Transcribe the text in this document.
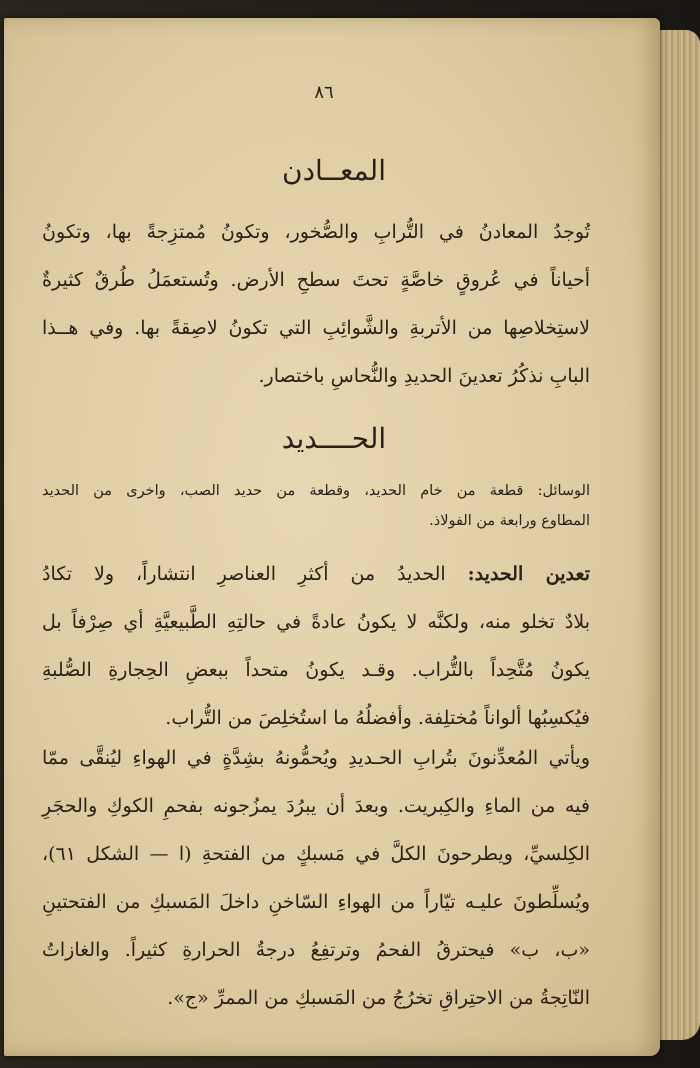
٨٦
المعــادن
تُوجدُ المعادنُ في التُّرابِ والصُّخور، وتكونُ مُمتزِجةً بها، وتكونُ
أحياناً في عُروقٍ خاصَّةٍ تحتَ سطحِ الأرض. وتُستعمَلُ طُرقٌ كثيرةٌ
لاستِخلاصِها من الأتربةِ والشَّوائِبِ التي تكونُ لاصِقةً بها. وفي هــذا
البابِ نذكُرُ تعدينَ الحديدِ والنُّحاسِ باختصار.
الحــــديد
الوسائل: قطعة من خام الحديد، وقطعة من حديد الصب، واخرى من الحديد
المطاوع ورابعة من الفولاذ.
تعدين الحديد: الحديدُ من أكثرِ العناصرِ انتشاراً، ولا تكادُ
بلادٌ تخلو منه، ولكنَّه لا يكونُ عادةً في حالتِهِ الطَّبيعيَّةِ أي صِرْفاً بل
يكونُ مُتَّحِداً بالتُّراب. وقـد يكونُ متحداً ببعضِ الحِجارةِ الصُّلبةِ
فيُكسِبُها ألواناً مُختلِفة. وأفضلُهُ ما استُخلِصَ من التُّراب.
ويأتي المُعدِّنونَ بتُرابِ الحـديدِ ويُحمُّونهُ بشِدَّةٍ في الهواءِ ليُنقَّى ممّا
فيه من الماءِ والكِبريت. وبعدَ أن يبرُدَ يمزُجونه بفحمِ الكوكِ والحجَرِ
الكِلسيِّ، ويطرحونَ الكلَّ في مَسبكٍ من الفتحةِ (ا — الشكل ٦١)،
ويُسلِّطونَ عليـه تيّاراً من الهواءِ السّاخنِ داخلَ المَسبكِ من الفتحتينِ
«ب، ب» فيحترقُ الفحمُ وترتفِعُ درجةُ الحرارةِ كثيراً. والغازاتُ
النّاتِجةُ من الاحتِراقِ تخرُجُ من المَسبكِ من الممرِّ «ج».
